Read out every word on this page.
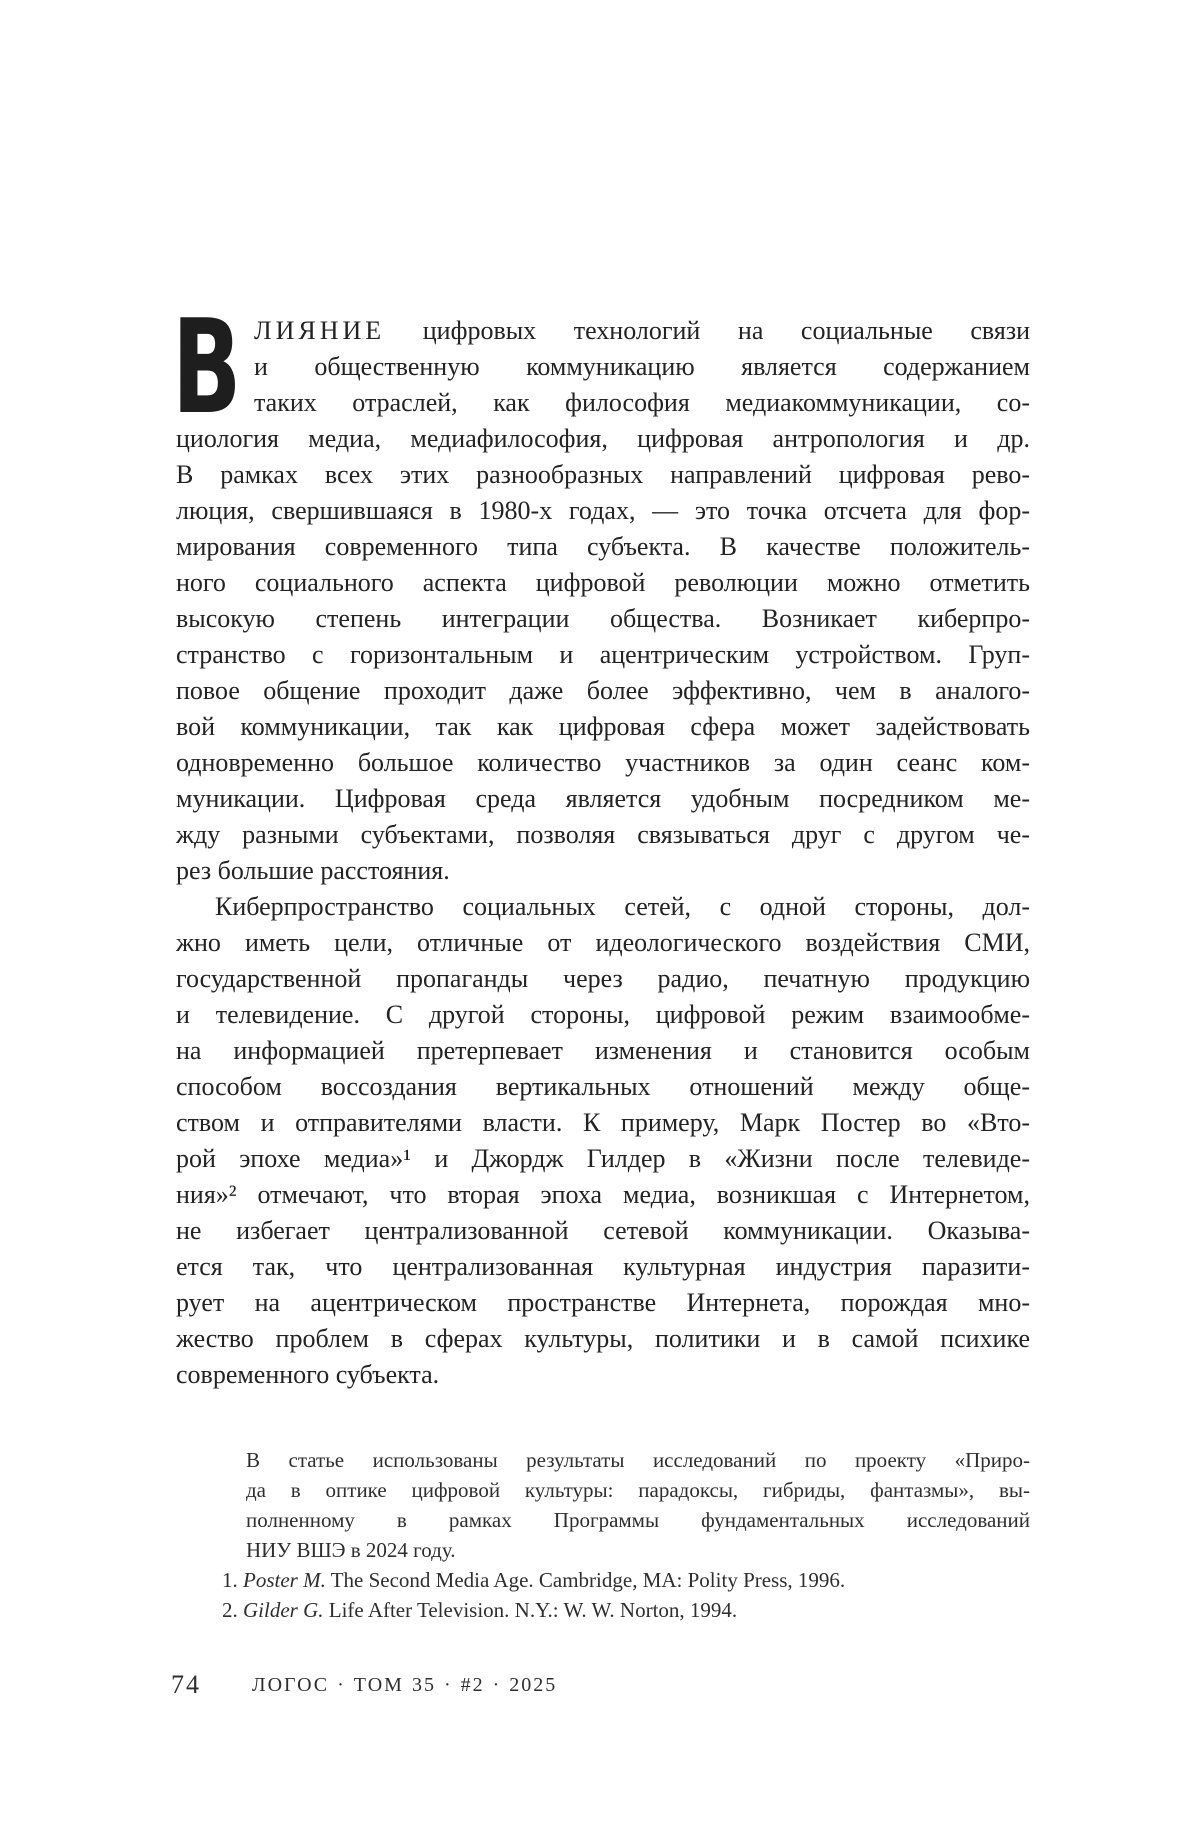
В ЛИЯНИЕ цифровых технологий на социальные связи
и общественную коммуникацию является содержанием
таких отраслей, как философия медиакоммуникации, со-
циология медиа, медиафилософия, цифровая антропология и др.
В рамках всех этих разнообразных направлений цифровая рево-
люция, свершившаяся в 1980-х годах, — это точка отсчета для фор-
мирования современного типа субъекта. В качестве положитель-
ного социального аспекта цифровой революции можно отметить
высокую степень интеграции общества. Возникает киберпро-
странство с горизонтальным и ацентрическим устройством. Груп-
повое общение проходит даже более эффективно, чем в аналого-
вой коммуникации, так как цифровая сфера может задействовать
одновременно большое количество участников за один сеанс ком-
муникации. Цифровая среда является удобным посредником ме-
жду разными субъектами, позволяя связываться друг с другом че-
рез большие расстояния.
Киберпространство социальных сетей, с одной стороны, дол-
жно иметь цели, отличные от идеологического воздействия СМИ,
государственной пропаганды через радио, печатную продукцию
и телевидение. С другой стороны, цифровой режим взаимообме-
на информацией претерпевает изменения и становится особым
способом воссоздания вертикальных отношений между обще-
ством и отправителями власти. К примеру, Марк Постер во «Вто-
рой эпохе медиа»¹ и Джордж Гилдер в «Жизни после телевиде-
ния»² отмечают, что вторая эпоха медиа, возникшая с Интернетом,
не избегает централизованной сетевой коммуникации. Оказыва-
ется так, что централизованная культурная индустрия паразити-
рует на ацентрическом пространстве Интернета, порождая мно-
жество проблем в сферах культуры, политики и в самой психике
современного субъекта.
В статье использованы результаты исследований по проекту «Приро-
да в оптике цифровой культуры: парадоксы, гибриды, фантазмы», вы-
полненному в рамках Программы фундаментальных исследований
НИУ ВШЭ в 2024 году.
1. Poster M. The Second Media Age. Cambridge, MA: Polity Press, 1996.
2. Gilder G. Life After Television. N.Y.: W. W. Norton, 1994.
74	ЛОГОС · ТОМ 35 · #2 · 2025
